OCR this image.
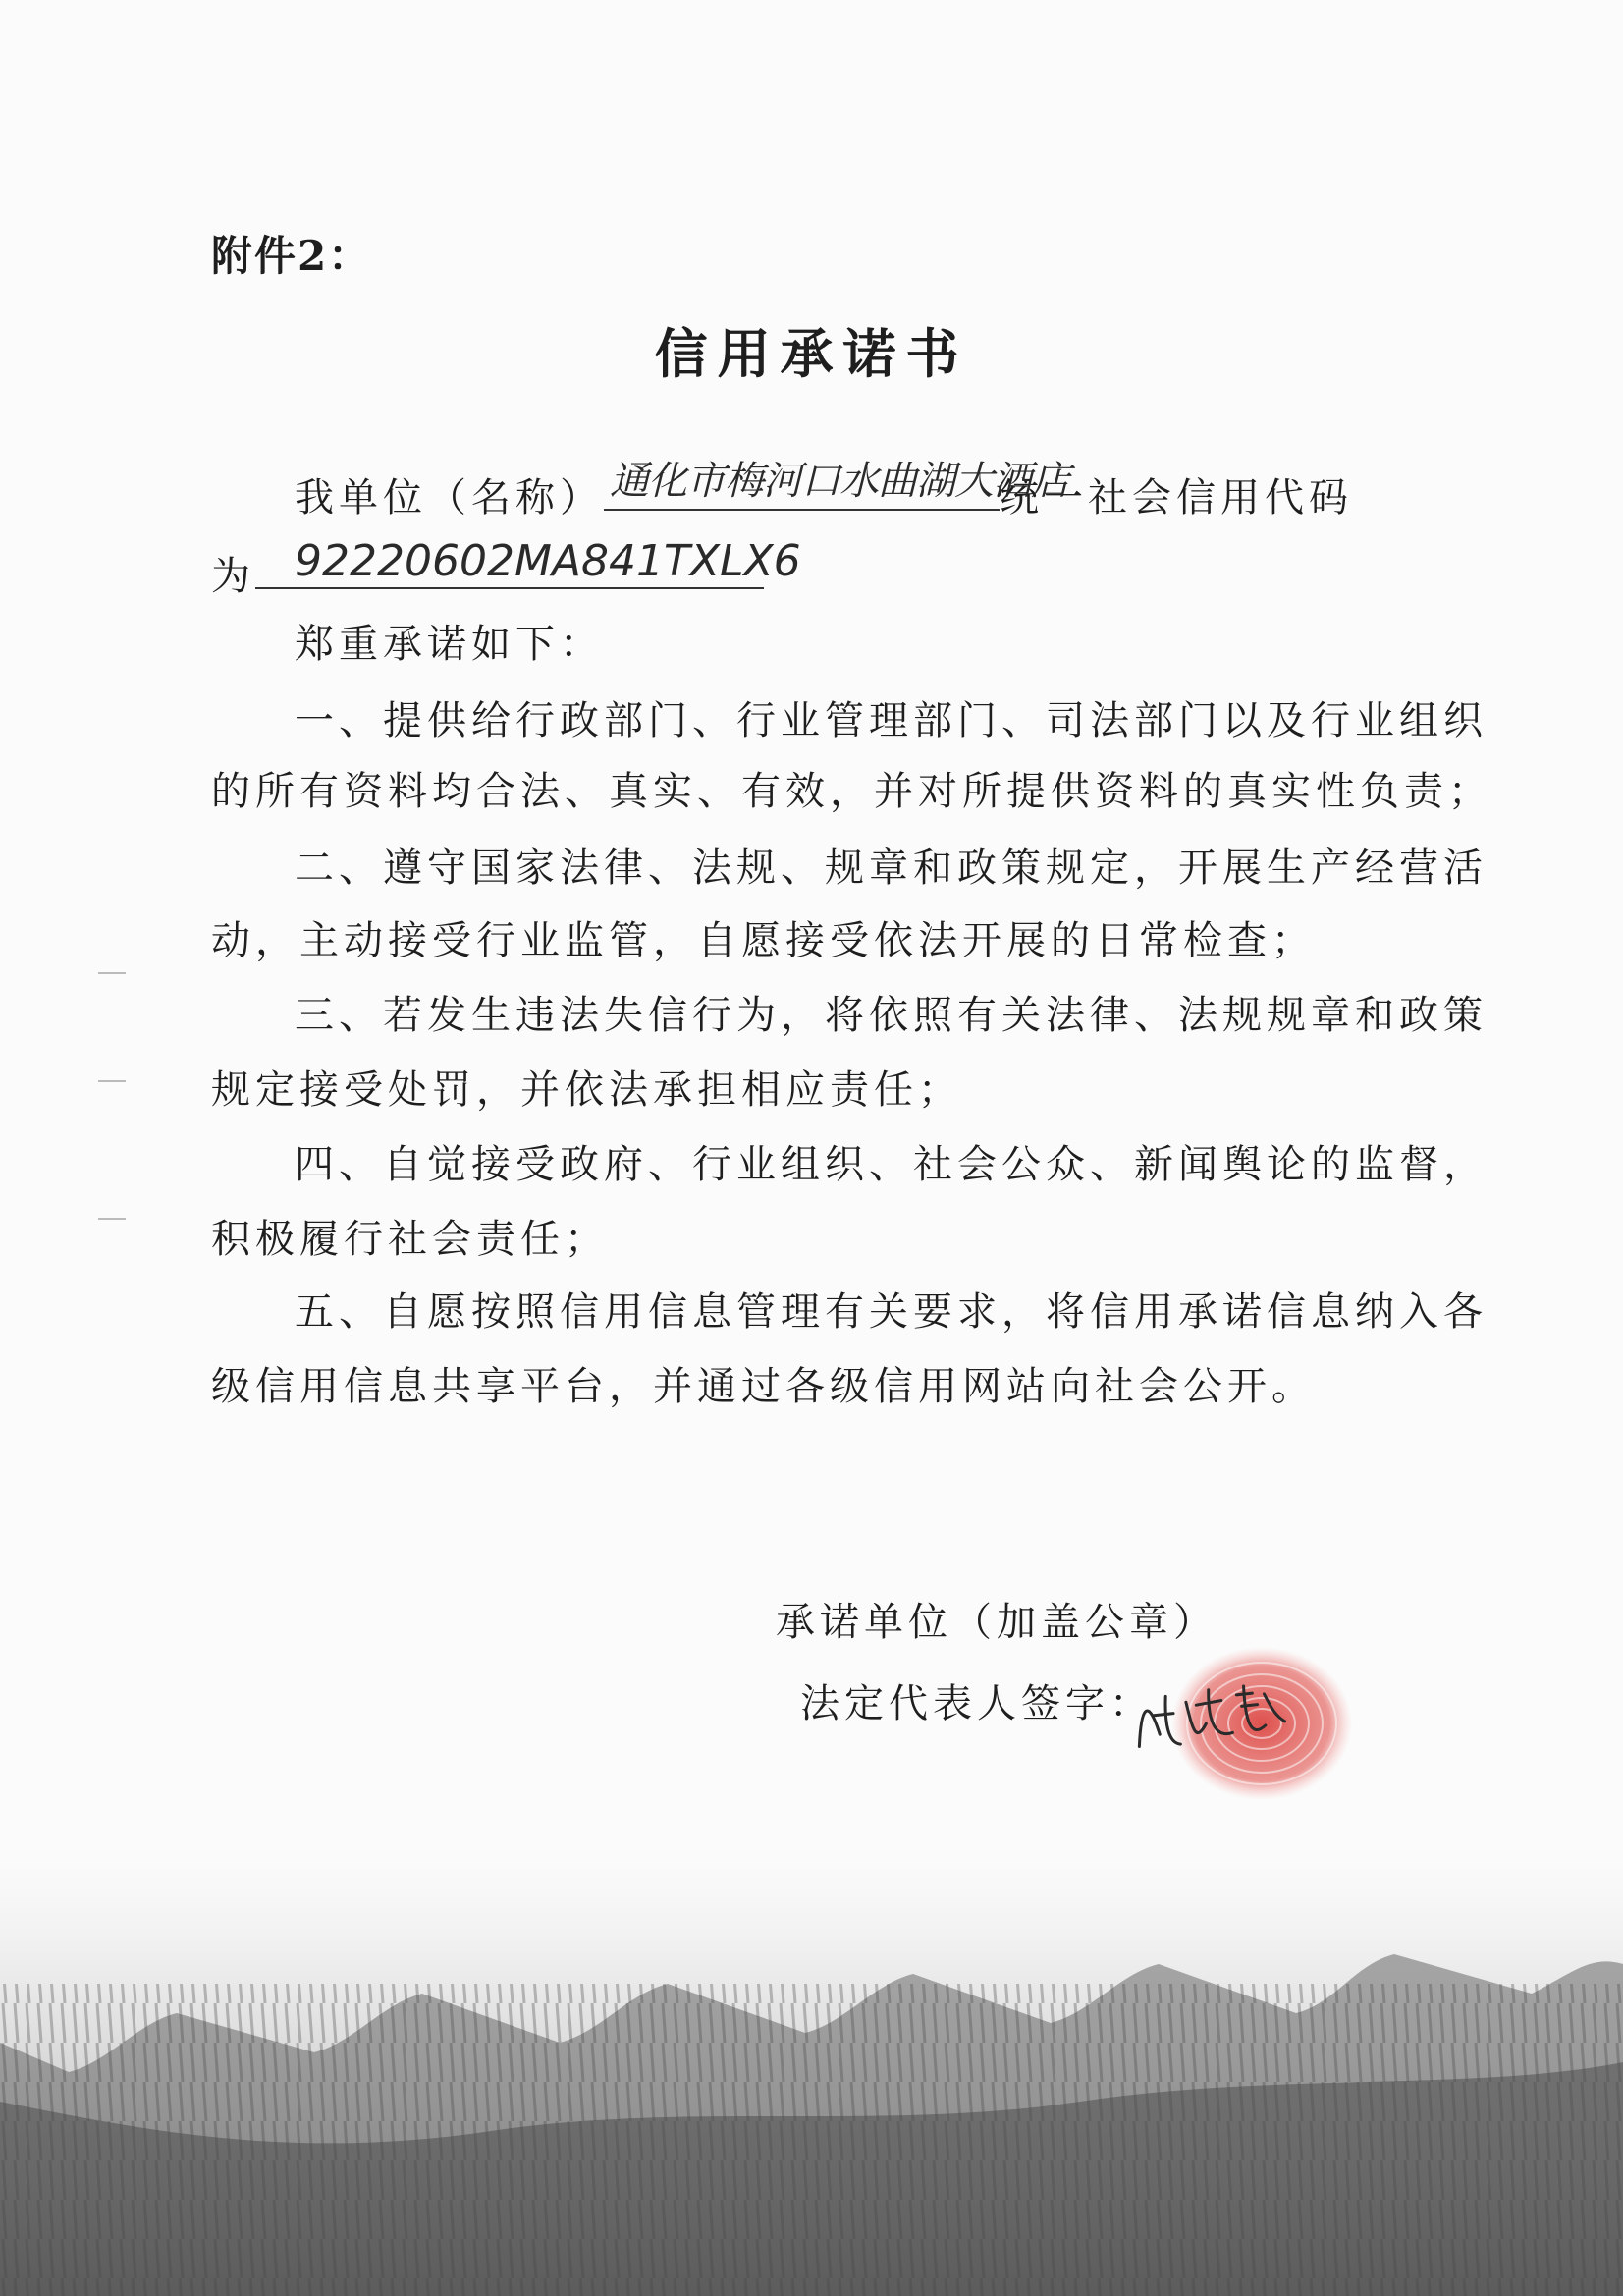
附件2：
信用承诺书
我单位（名称） 通化市梅河口水曲湖大酒店
统一社会信用代码
为 92220602MA841TXLX6
郑重承诺如下：
一、提供给行政部门、行业管理部门、司法部门以及行业组织
的所有资料均合法、真实、有效，并对所提供资料的真实性负责；
二、遵守国家法律、法规、规章和政策规定，开展生产经营活
动，主动接受行业监管，自愿接受依法开展的日常检查；
三、若发生违法失信行为，将依照有关法律、法规规章和政策
规定接受处罚，并依法承担相应责任；
四、自觉接受政府、行业组织、社会公众、新闻舆论的监督，
积极履行社会责任；
五、自愿按照信用信息管理有关要求，将信用承诺信息纳入各
级信用信息共享平台，并通过各级信用网站向社会公开。
承诺单位（加盖公章）
法定代表人签字：
